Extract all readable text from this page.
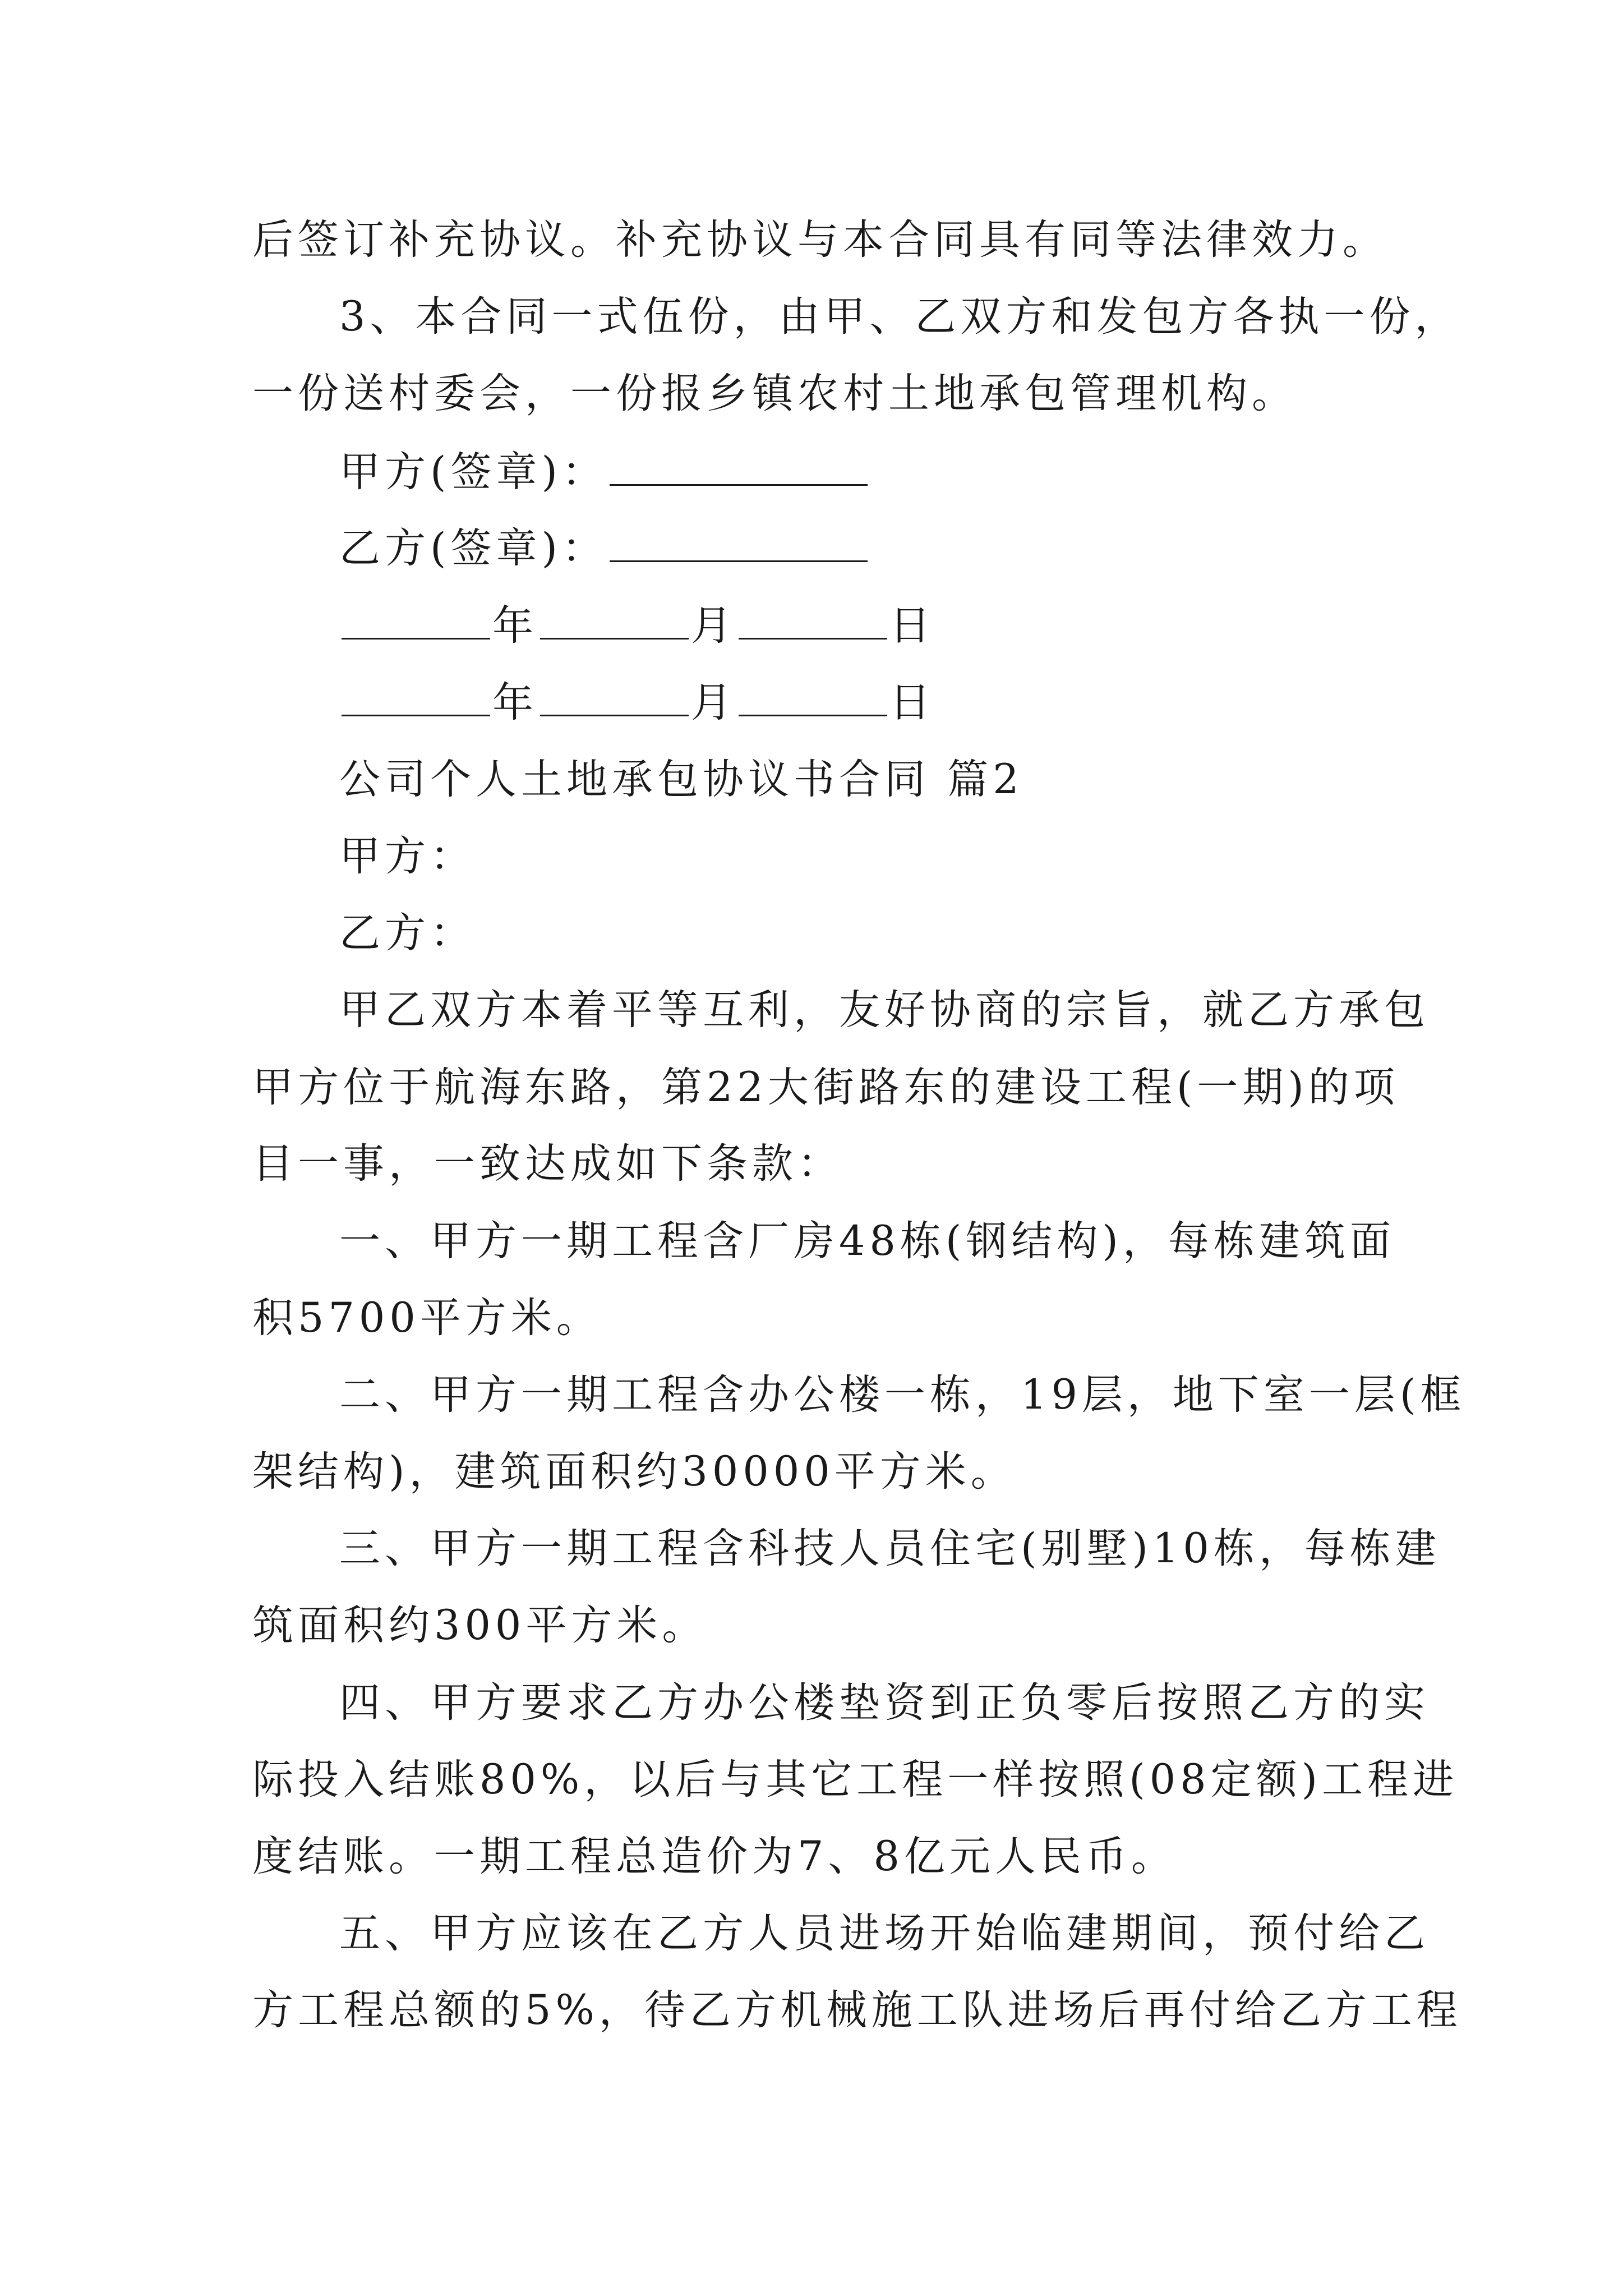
后签订补充协议。补充协议与本合同具有同等法律效力。
3、本合同一式伍份，由甲、乙双方和发包方各执一份，
一份送村委会，一份报乡镇农村土地承包管理机构。
甲方(签章)：
乙方(签章)：
年	月	日
年	月	日
公司个人土地承包协议书合同 篇2
甲方：
乙方：
甲乙双方本着平等互利，友好协商的宗旨，就乙方承包
甲方位于航海东路，第22大街路东的建设工程(一期)的项
目一事，一致达成如下条款：
一、甲方一期工程含厂房48栋(钢结构)，每栋建筑面
积5700平方米。
二、甲方一期工程含办公楼一栋，19层，地下室一层(框
架结构)，建筑面积约30000平方米。
三、甲方一期工程含科技人员住宅(别墅)10栋，每栋建
筑面积约300平方米。
四、甲方要求乙方办公楼垫资到正负零后按照乙方的实
际投入结账80%，以后与其它工程一样按照(08定额)工程进
度结账。一期工程总造价为7、8亿元人民币。
五、甲方应该在乙方人员进场开始临建期间，预付给乙
方工程总额的5%，待乙方机械施工队进场后再付给乙方工程
